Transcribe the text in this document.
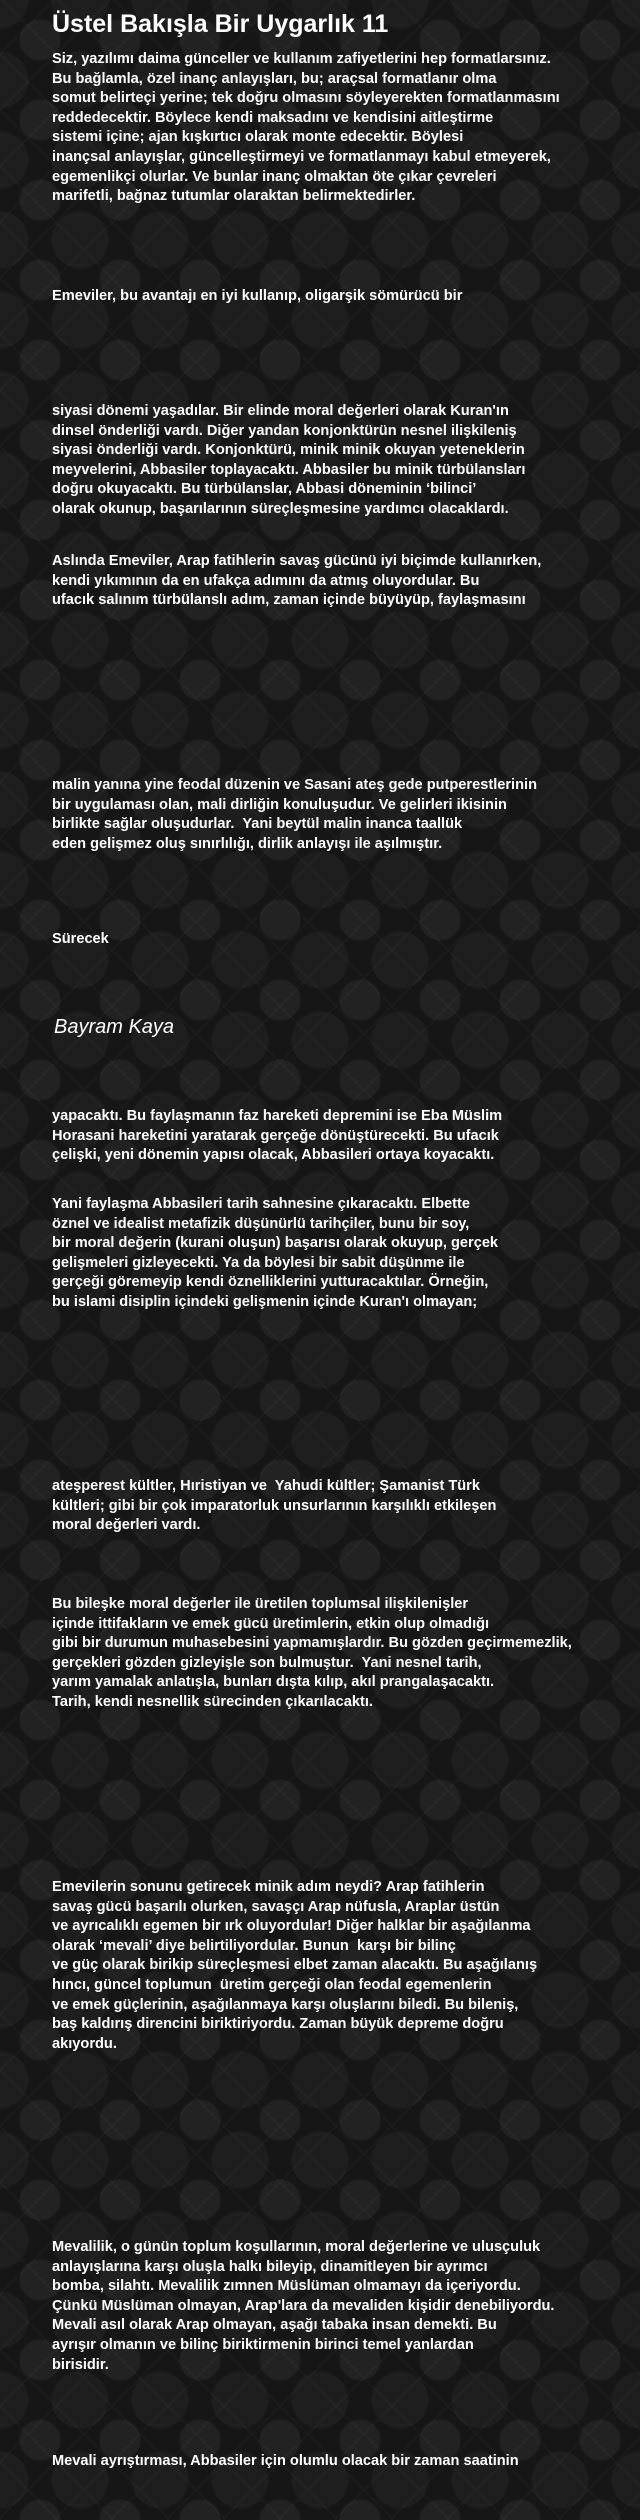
Üstel Bakışla Bir Uygarlık 11

Siz, yazılımı daima günceller ve kullanım zafiyetlerini hep formatlarsınız.
Bu bağlamla, özel inanç anlayışları, bu; araçsal formatlanır olma
somut belirteçi yerine; tek doğru olmasını söyleyerekten formatlanmasını
reddedecektir. Böylece kendi maksadını ve kendisini aitleştirme
sistemi içine; ajan kışkırtıcı olarak monte edecektir. Böylesi
inançsal anlayışlar, güncelleştirmeyi ve formatlanmayı kabul etmeyerek,
egemenlikçi olurlar. Ve bunlar inanç olmaktan öte çıkar çevreleri
marifetli, bağnaz tutumlar olaraktan belirmektedirler.

Emeviler, bu avantajı en iyi kullanıp, oligarşik sömürücü bir

siyasi dönemi yaşadılar. Bir elinde moral değerleri olarak Kuran'ın
dinsel önderliği vardı. Diğer yandan konjonktürün nesnel ilişkileniş
siyasi önderliği vardı. Konjonktürü, minik minik okuyan yeteneklerin
meyvelerini, Abbasiler toplayacaktı. Abbasiler bu minik türbülansları
doğru okuyacaktı. Bu türbülanslar, Abbasi döneminin ‘bilinci’
olarak okunup, başarılarının süreçleşmesine yardımcı olacaklardı.

Aslında Emeviler, Arap fatihlerin savaş gücünü iyi biçimde kullanırken,
kendi yıkımının da en ufakça adımını da atmış oluyordular. Bu
ufacık salınım türbülanslı adım, zaman içinde büyüyüp, faylaşmasını

malin yanına yine feodal düzenin ve Sasani ateş gede putperestlerinin
bir uygulaması olan, mali dirliğin konuluşudur. Ve gelirleri ikisinin
birlikte sağlar oluşudurlar.  Yani beytül malin inanca taallük
eden gelişmez oluş sınırlılığı, dirlik anlayışı ile aşılmıştır.

Sürecek

Bayram Kaya

yapacaktı. Bu faylaşmanın faz hareketi depremini ise Eba Müslim
Horasani hareketini yaratarak gerçeğe dönüştürecekti. Bu ufacık
çelişki, yeni dönemin yapısı olacak, Abbasileri ortaya koyacaktı.

Yani faylaşma Abbasileri tarih sahnesine çıkaracaktı. Elbette
öznel ve idealist metafizik düşünürlü tarihçiler, bunu bir soy,
bir moral değerin (kurani oluşun) başarısı olarak okuyup, gerçek
gelişmeleri gizleyecekti. Ya da böylesi bir sabit düşünme ile
gerçeği göremeyip kendi öznelliklerini yutturacaktılar. Örneğin,
bu islami disiplin içindeki gelişmenin içinde Kuran'ı olmayan;

ateşperest kültler, Hıristiyan ve  Yahudi kültler; Şamanist Türk
kültleri; gibi bir çok imparatorluk unsurlarının karşılıklı etkileşen
moral değerleri vardı.

Bu bileşke moral değerler ile üretilen toplumsal ilişkilenişler
içinde ittifakların ve emek gücü üretimlerin, etkin olup olmadığı
gibi bir durumun muhasebesini yapmamışlardır. Bu gözden geçirmemezlik,
gerçekleri gözden gizleyişle son bulmuştur.  Yani nesnel tarih,
yarım yamalak anlatışla, bunları dışta kılıp, akıl prangalaşacaktı.
Tarih, kendi nesnellik sürecinden çıkarılacaktı.

Emevilerin sonunu getirecek minik adım neydi? Arap fatihlerin
savaş gücü başarılı olurken, savaşçı Arap nüfusla, Araplar üstün
ve ayrıcalıklı egemen bir ırk oluyordular! Diğer halklar bir aşağılanma
olarak ‘mevali’ diye belirtiliyordular. Bunun  karşı bir bilinç
ve güç olarak birikip süreçleşmesi elbet zaman alacaktı. Bu aşağılanış
hıncı, güncel toplumun  üretim gerçeği olan feodal egemenlerin
ve emek güçlerinin, aşağılanmaya karşı oluşlarını biledi. Bu bileniş,
baş kaldırış direncini biriktiriyordu. Zaman büyük depreme doğru
akıyordu.

Mevalilik, o günün toplum koşullarının, moral değerlerine ve ulusçuluk
anlayışlarına karşı oluşla halkı bileyip, dinamitleyen bir ayrımcı
bomba, silahtı. Mevalilik zımnen Müslüman olmamayı da içeriyordu.
Çünkü Müslüman olmayan, Arap'lara da mevaliden kişidir denebiliyordu.
Mevali asıl olarak Arap olmayan, aşağı tabaka insan demekti. Bu
ayrışır olmanın ve bilinç biriktirmenin birinci temel yanlardan
birisidir.

Mevali ayrıştırması, Abbasiler için olumlu olacak bir zaman saatinin
